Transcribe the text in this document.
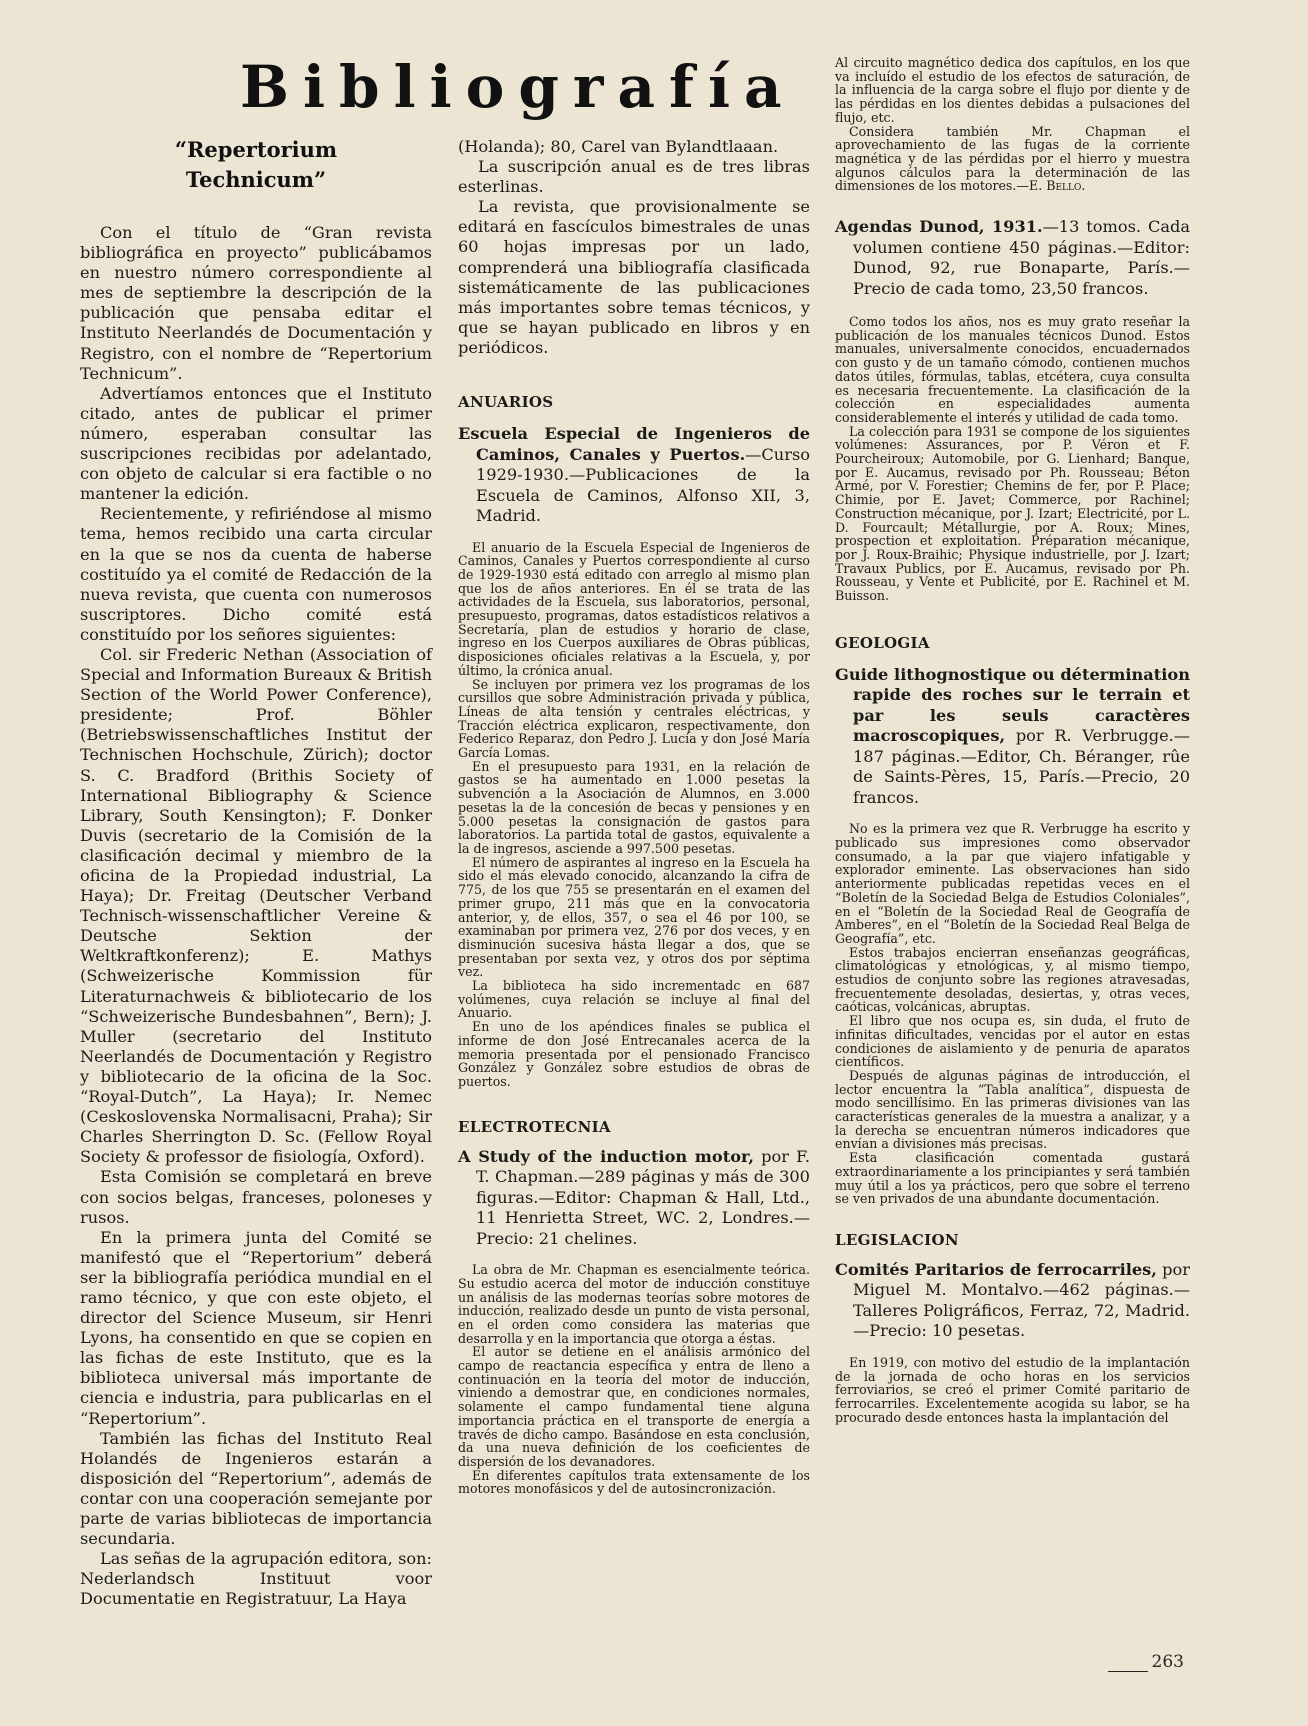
Bibliografía
“Repertorium
Technicum”

Con el título de “Gran revista bibliográfica en proyecto” publicábamos en nuestro número correspondiente al mes de septiembre la descripción de la publicación que pensaba editar el Instituto Neerlandés de Documentación y Registro, con el nombre de “Repertorium Technicum”.

Advertíamos entonces que el Instituto citado, antes de publicar el primer número, esperaban consultar las suscripciones recibidas por adelantado, con objeto de calcular si era factible o no mantener la edición.

Recientemente, y refiriéndose al mismo tema, hemos recibido una carta circular en la que se nos da cuenta de haberse costituído ya el comité de Redacción de la nueva revista, que cuenta con numerosos suscriptores. Dicho comité está constituído por los señores siguientes:

Col. sir Frederic Nethan (Association of Special and Information Bureaux & British Section of the World Power Conference), presidente; Prof. Böhler (Betriebswissenschaftliches Institut der Technischen Hochschule, Zürich); doctor S. C. Bradford (Brithis Society of International Bibliography & Science Library, South Kensington); F. Donker Duvis (secretario de la Comisión de la clasificación decimal y miembro de la oficina de la Propiedad industrial, La Haya); Dr. Freitag (Deutscher Verband Technisch-wissenschaftlicher Vereine & Deutsche Sektion der Weltkraftkonferenz); E. Mathys (Schweizerische Kommission für Literaturnachweis & bibliotecario de los “Schweizerische Bundesbahnen”, Bern); J. Muller (secretario del Instituto Neerlandés de Documentación y Registro y bibliotecario de la oficina de la Soc. “Royal-Dutch”, La Haya); Ir. Nemec (Ceskoslovenska Normalisacni, Praha); Sir Charles Sherrington D. Sc. (Fellow Royal Society & professor de fisiología, Oxford).

Esta Comisión se completará en breve con socios belgas, franceses, poloneses y rusos.

En la primera junta del Comité se manifestó que el “Repertorium” deberá ser la bibliografía periódica mundial en el ramo técnico, y que con este objeto, el director del Science Museum, sir Henri Lyons, ha consentido en que se copien en las fichas de este Instituto, que es la biblioteca universal más importante de ciencia e industria, para publicarlas en el “Repertorium”.

También las fichas del Instituto Real Holandés de Ingenieros estarán a disposición del “Repertorium”, además de contar con una cooperación semejante por parte de varias bibliotecas de importancia secundaria.

Las señas de la agrupación editora, son: Nederlandsch Instituut voor Documentatie en Registratuur, La Haya

(Holanda); 80, Carel van Bylandtlaaan.

La suscripción anual es de tres libras esterlinas.

La revista, que provisionalmente se editará en fascículos bimestrales de unas 60 hojas impresas por un lado, comprenderá una bibliografía clasificada sistemáticamente de las publicaciones más importantes sobre temas técnicos, y que se hayan publicado en libros y en periódicos.

ANUARIOS

Escuela Especial de Ingenieros de Caminos, Canales y Puertos.—Curso 1929-1930.—Publicaciones de la Escuela de Caminos, Alfonso XII, 3, Madrid.

El anuario de la Escuela Especial de Ingenieros de Caminos, Canales y Puertos correspondiente al curso de 1929-1930 está editado con arreglo al mismo plan que los de años anteriores. En él se trata de las actividades de la Escuela, sus laboratorios, personal, presupuesto, programas, datos estadísticos relativos a Secretaría, plan de estudios y horario de clase, ingreso en los Cuerpos auxiliares de Obras públicas, disposiciones oficiales relativas a la Escuela, y, por último, la crónica anual.

Se incluyen por primera vez los programas de los cursillos que sobre Administración privada y pública, Líneas de alta tensión y centrales eléctricas, y Tracción eléctrica explicaron, respectivamente, don Federico Reparaz, don Pedro J. Lucía y don José María García Lomas.

En el presupuesto para 1931, en la relación de gastos se ha aumentado en 1.000 pesetas la subvención a la Asociación de Alumnos, en 3.000 pesetas la de la concesión de becas y pensiones y en 5.000 pesetas la consignación de gastos para laboratorios. La partida total de gastos, equivalente a la de ingresos, asciende a 997.500 pesetas.

El número de aspirantes al ingreso en la Escuela ha sido el más elevado conocido, alcanzando la cifra de 775, de los que 755 se presentarán en el examen del primer grupo, 211 más que en la convocatoria anterior, y, de ellos, 357, o sea el 46 por 100, se examinaban por primera vez, 276 por dos veces, y en disminución sucesiva hásta llegar a dos, que se presentaban por sexta vez, y otros dos por séptima vez.

La biblioteca ha sido incrementadc en 687 volúmenes, cuya relación se incluye al final del Anuario.

En uno de los apéndices finales se publica el informe de don José Entrecanales acerca de la memoria presentada por el pensionado Francisco González y González sobre estudios de obras de puertos.

ELECTROTECNIA

A Study of the induction motor, por F. T. Chapman.—289 páginas y más de 300 figuras.—Editor: Chapman & Hall, Ltd., 11 Henrietta Street, WC. 2, Londres.—Precio: 21 chelines.

La obra de Mr. Chapman es esencialmente teórica. Su estudio acerca del motor de inducción constituye un análisis de las modernas teorías sobre motores de inducción, realizado desde un punto de vista personal, en el orden como considera las materias que desarrolla y en la importancia que otorga a éstas.

El autor se detiene en el análisis armónico del campo de reactancia específica y entra de lleno a continuación en la teoría del motor de inducción, viniendo a demostrar que, en condiciones normales, solamente el campo fundamental tiene alguna importancia práctica en el transporte de energía a través de dicho campo. Basándose en esta conclusión, da una nueva definición de los coeficientes de dispersión de los devanadores.

En diferentes capítulos trata extensamente de los motores monofásicos y del de autosincronización.

Al circuito magnético dedica dos capítulos, en los que va incluído el estudio de los efectos de saturación, de la influencia de la carga sobre el flujo por diente y de las pérdidas en los dientes debidas a pulsaciones del flujo, etc.

Considera también Mr. Chapman el aprovechamiento de las fugas de la corriente magnética y de las pérdidas por el hierro y muestra algunos cálculos para la determinación de las dimensiones de los motores.—E. Bello.

Agendas Dunod, 1931.—13 tomos. Cada volumen contiene 450 páginas.—Editor: Dunod, 92, rue Bonaparte, París.—Precio de cada tomo, 23,50 francos.

Como todos los años, nos es muy grato reseñar la publicación de los manuales técnicos Dunod. Estos manuales, universalmente conocidos, encuadernados con gusto y de un tamaño cómodo, contienen muchos datos útiles, fórmulas, tablas, etcétera, cuya consulta es necesaria frecuentemente. La clasificación de la colección en especialidades aumenta considerablemente el interés y utilidad de cada tomo.

La colección para 1931 se compone de los siguientes volúmenes: Assurances, por P. Véron et F. Pourcheiroux; Automobile, por G. Lienhard; Banque, por E. Aucamus, revisado por Ph. Rousseau; Béton Armé, por V. Forestier; Chemins de fer, por P. Place; Chimie, por E. Javet; Commerce, por Rachinel; Construction mécanique, por J. Izart; Electricité, por L. D. Fourcault; Métallurgie, por A. Roux; Mines, prospection et exploitation. Préparation mécanique, por J. Roux-Braihic; Physique industrielle, por J. Izart; Travaux Publics, por E. Aucamus, revisado por Ph. Rousseau, y Vente et Publicité, por E. Rachinel et M. Buisson.

GEOLOGIA

Guide lithognostique ou détermination rapide des roches sur le terrain et par les seuls caractères macroscopiques, por R. Verbrugge.—187 páginas.—Editor, Ch. Béranger, rûe de Saints-Pères, 15, París.—Precio, 20 francos.

No es la primera vez que R. Verbrugge ha escrito y publicado sus impresiones como observador consumado, a la par que viajero infatigable y explorador eminente. Las observaciones han sido anteriormente publicadas repetidas veces en el “Boletín de la Sociedad Belga de Estudios Coloniales”, en el “Boletín de la Sociedad Real de Geografía de Amberes”, en el “Boletín de la Sociedad Real Belga de Geografía”, etc.

Estos trabajos encierran enseñanzas geográficas, climatológicas y etnológicas, y, al mismo tiempo, estudios de conjunto sobre las regiones atravesadas, frecuentemente desoladas, desiertas, y, otras veces, caóticas, volcánicas, abruptas.

El libro que nos ocupa es, sin duda, el fruto de infinitas dificultades, vencidas por el autor en estas condiciones de aislamiento y de penuria de aparatos científicos.

Después de algunas páginas de introducción, el lector encuentra la “Tabla analítica”, dispuesta de modo sencillísimo. En las primeras divisiones van las características generales de la muestra a analizar, y a la derecha se encuentran números indicadores que envían a divisiones más precisas.

Esta clasificación comentada gustará extraordinariamente a los principiantes y será también muy útil a los ya prácticos, pero que sobre el terreno se ven privados de una abundante documentación.

LEGISLACION

Comités Paritarios de ferrocarriles, por Miguel M. Montalvo.—462 páginas.—Talleres Poligráficos, Ferraz, 72, Madrid.—Precio: 10 pesetas.

En 1919, con motivo del estudio de la implantación de la jornada de ocho horas en los servicios ferroviarios, se creó el primer Comité paritario de ferrocarriles. Excelentemente acogida su labor, se ha procurado desde entonces hasta la implantación del

263
